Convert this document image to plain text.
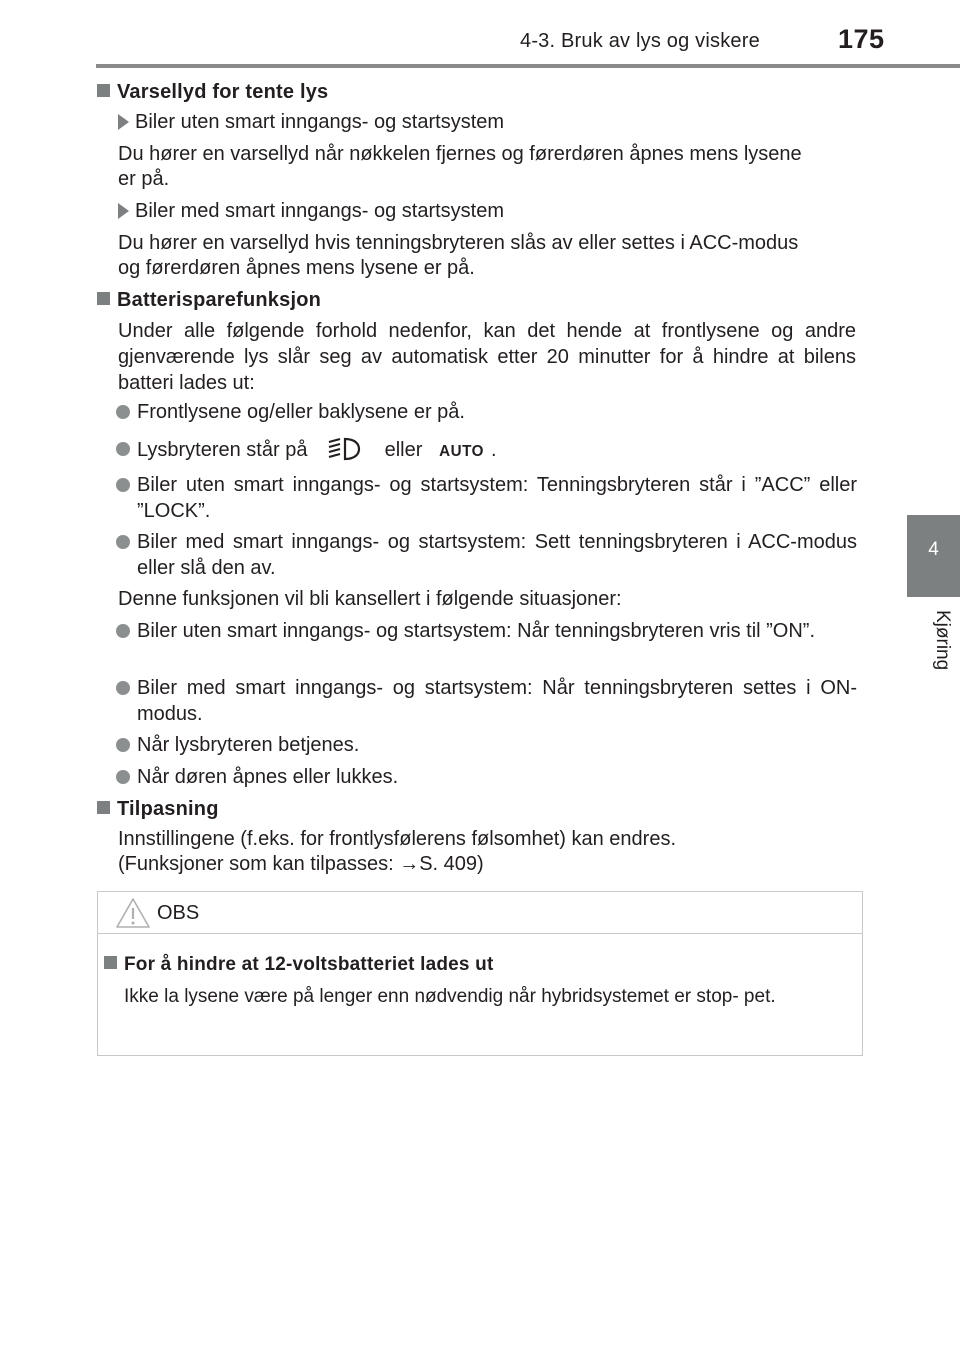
4-3. Bruk av lys og viskere	175
4
Kjøring
Varsellyd for tente lys
Biler uten smart inngangs- og startsystem
Du hører en varsellyd når nøkkelen fjernes og førerdøren åpnes mens lysene
er på.
Biler med smart inngangs- og startsystem
Du hører en varsellyd hvis tenningsbryteren slås av eller settes i ACC-modus
og førerdøren åpnes mens lysene er på.
Batterisparefunksjon
Under alle følgende forhold nedenfor, kan det hende at frontlysene og andre gjenværende lys slår seg av automatisk etter 20 minutter for å hindre at bilens batteri lades ut:
Frontlysene og/eller baklysene er på.
Lysbryteren står på	eller AUTO .
Biler uten smart inngangs- og startsystem: Tenningsbryteren står i ”ACC” eller ”LOCK”.
Biler med smart inngangs- og startsystem: Sett tenningsbryteren i ACC-modus eller slå den av.
Denne funksjonen vil bli kansellert i følgende situasjoner:
Biler uten smart inngangs- og startsystem: Når tenningsbryteren vris til ”ON”.
Biler med smart inngangs- og startsystem: Når tenningsbryteren settes i ON-modus.
Når lysbryteren betjenes.
Når døren åpnes eller lukkes.
Tilpasning
Innstillingene (f.eks. for frontlysfølerens følsomhet) kan endres.
(Funksjoner som kan tilpasses: →S. 409)
OBS
For å hindre at 12-voltsbatteriet lades ut
Ikke la lysene være på lenger enn nødvendig når hybridsystemet er stop- pet.
